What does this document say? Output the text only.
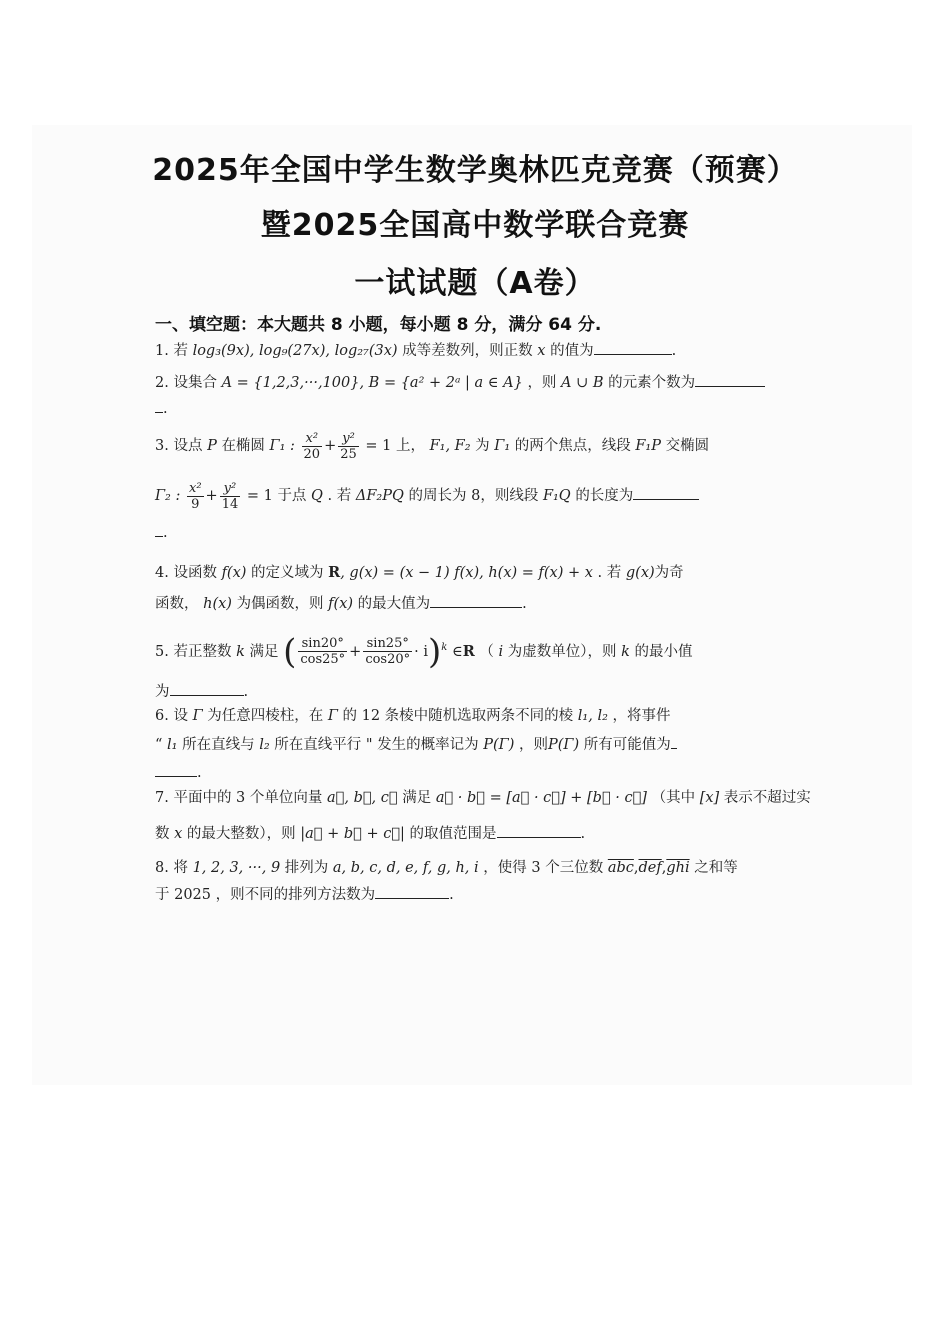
2025年全国中学生数学奥林匹克竞赛（预赛）
暨2025全国高中数学联合竞赛
一试试题（A卷）
一、填空题：本大题共 8 小题，每小题 8 分，满分 64 分.
1. 若 log₃(9x), log₉(27x), log₂₇(3x) 成等差数列，则正数 x 的值为	.
2. 设集合 A = {1,2,3,···,100}, B = {a² + 2ᵃ | a ∈ A} ，则 A ∪ B 的元素个数为
.
3. 设点 P 在椭圆 Γ₁ : $\frac{\text{x²}}{20} + \frac{\text{y²}}{25} = 1$ 上， F₁, F₂ 为 Γ₁ 的两个焦点，线段 F₁P 交椭圆
Γ₂ : $\frac{\text{x²}}{9} + \frac{\text{y²}}{14} = 1$ 于点 Q . 若 ΔF₂PQ 的周长为 8，则线段 F₁Q 的长度为
.
4. 设函数 f(x) 的定义域为 R, g(x) = (x − 1) f(x), h(x) = f(x) + x . 若 g(x)为奇
函数， h(x) 为偶函数，则 f(x) 的最大值为	.
5. 若正整数 k 满足 ( $\frac{\sin 20^\circ}{\cos 25^\circ} + \frac{\sin 25^\circ}{\cos 20^\circ} \cdot i)^k$ ∈R （ i 为虚数单位），则 k 的最小值
为	.
6. 设 Γ 为任意四棱柱，在 Γ 的 12 条棱中随机选取两条不同的棱 l₁, l₂ ，将事件
“ l₁ 所在直线与 l₂ 所在直线平行 " 发生的概率记为 P(Γ) ，则P(Γ) 所有可能值为
.
7. 平面中的 3 个单位向量 a⃗, b⃗, c⃗ 满足 a⃗ · b⃗ = [a⃗ · c⃗] + [b⃗ · c⃗] （其中 [x] 表示不超过实
数 x 的最大整数），则 |a⃗ + b⃗ + c⃗| 的取值范围是	.
8. 将 1, 2, 3, ···, 9 排列为 a, b, c, d, e, f, g, h, i ，使得 3 个三位数 $\overline{abc},\overline{def},\overline{ghi}$ 之和等
于 2025 ，则不同的排列方法数为	.
